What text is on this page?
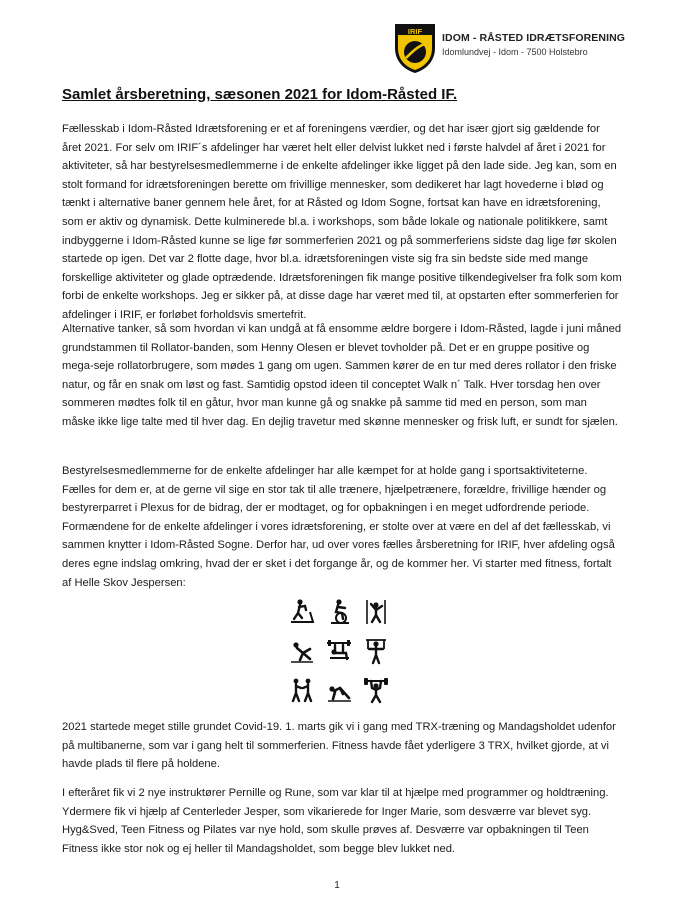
IRIF
IDOM - RÅSTED IDRÆTSFORENING
Idomlundvej - Idom - 7500 Holstebro
Samlet årsberetning, sæsonen 2021 for Idom-Råsted IF.

Fællesskab i Idom-Råsted Idrætsforening er et af foreningens værdier, og det har især gjort sig gældende for året 2021. For selv om IRIF´s afdelinger har været helt eller delvist lukket ned i første halvdel af året i 2021 for aktiviteter, så har bestyrelsesmedlemmerne i de enkelte afdelinger ikke ligget på den lade side. Jeg kan, som en stolt formand for idrætsforeningen berette om frivillige mennesker, som dedikeret har lagt hovederne i blød og tænkt i alternative baner gennem hele året, for at Råsted og Idom Sogne, fortsat kan have en idrætsforening, som er aktiv og dynamisk. Dette kulminerede bl.a. i workshops, som både lokale og nationale politikkere, samt indbyggerne i Idom-Råsted kunne se lige før sommerferien 2021 og på sommerferiens sidste dag lige før skolen startede op igen. Det var 2 flotte dage, hvor bl.a. idrætsforeningen viste sig fra sin bedste side med mange forskellige aktiviteter og glade optrædende. Idrætsforeningen fik mange positive tilkendegivelser fra folk som kom forbi de enkelte workshops. Jeg er sikker på, at disse dage har været med til, at opstarten efter sommerferien for afdelinger i IRIF, er forløbet forholdsvis smertefrit.

Alternative tanker, så som hvordan vi kan undgå at få ensomme ældre borgere i Idom-Råsted, lagde i juni måned grundstammen til Rollator-banden, som Henny Olesen er blevet tovholder på. Det er en gruppe positive og mega-seje rollatorbrugere, som mødes 1 gang om ugen. Sammen kører de en tur med deres rollator i den friske natur, og får en snak om løst og fast. Samtidig opstod ideen til conceptet Walk n´ Talk. Hver torsdag hen over sommeren mødtes folk til en gåtur, hvor man kunne gå og snakke på samme tid med en person, som man måske ikke lige talte med til hver dag. En dejlig travetur med skønne mennesker og frisk luft, er sundt for sjælen.

Bestyrelsesmedlemmerne for de enkelte afdelinger har alle kæmpet for at holde gang i sportsaktiviteterne. Fælles for dem er, at de gerne vil sige en stor tak til alle trænere, hjælpetrænere, forældre, frivillige hænder og bestyrerparret i Plexus for de bidrag, der er modtaget, og for opbakningen i en meget udfordrende periode. Formændene for de enkelte afdelinger i vores idrætsforening, er stolte over at være en del af det fællesskab, vi sammen knytter i Idom-Råsted Sogne. Derfor har, ud over vores fælles årsberetning for IRIF, hver afdeling også deres egne indslag omkring, hvad der er sket i det forgange år, og de kommer her. Vi starter med fitness, fortalt af Helle Skov Jespersen:

2021 startede meget stille grundet Covid-19. 1. marts gik vi i gang med TRX-træning og Mandagsholdet udenfor på multibanerne, som var i gang helt til sommerferien. Fitness havde fået yderligere 3 TRX, hvilket gjorde, at vi havde plads til flere på holdene.

I efteråret fik vi 2 nye instruktører Pernille og Rune, som var klar til at hjælpe med programmer og holdtræning. Ydermere fik vi hjælp af Centerleder Jesper, som vikarierede for Inger Marie, som desværre var blevet syg. Hyg&Sved, Teen Fitness og Pilates var nye hold, som skulle prøves af. Desværre var opbakningen til Teen Fitness ikke stor nok og ej heller til Mandagsholdet, som begge blev lukket ned.

1
